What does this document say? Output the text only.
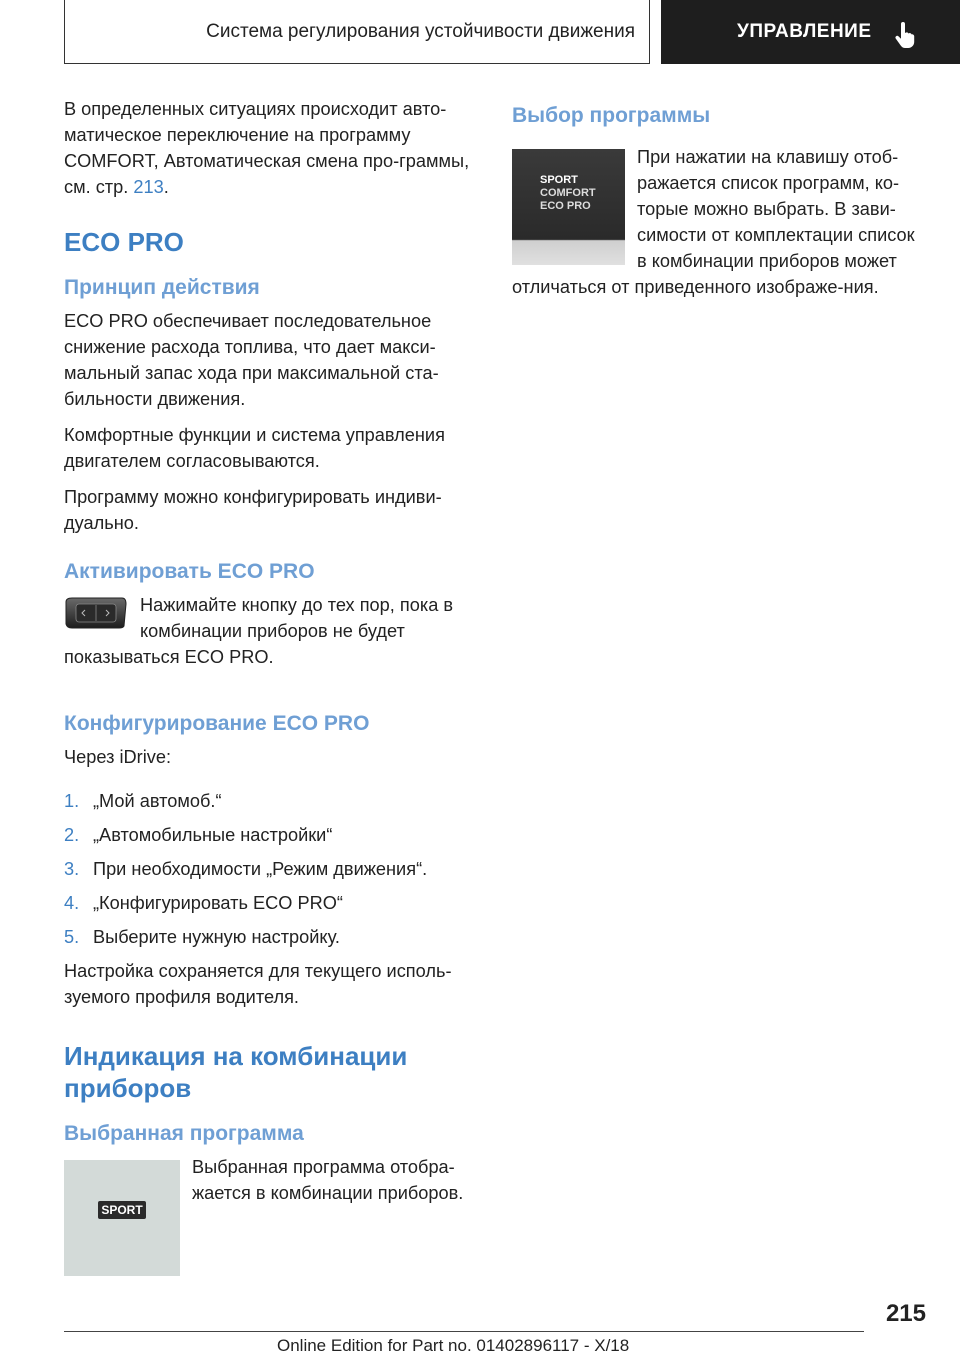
Система регулирования устойчивости движения	УПРАВЛЕНИЕ

В определенных ситуациях происходит авто-матическое переключение на программу COMFORT, Автоматическая смена про-граммы, см. стр. 213.

ECO PRO
Принцип действия

ECO PRO обеспечивает последовательное снижение расхода топлива, что дает макси-мальный запас хода при максимальной ста-бильности движения.

Комфортные функции и система управления двигателем согласовываются.

Программу можно конфигурировать индиви-дуально.

Активировать ECO PRO

Нажимайте кнопку до тех пор, пока в комбинации приборов не будет показываться ECO PRO.

Конфигурирование ECO PRO

Через iDrive:

1. „Мой автомоб.“
2. „Автомобильные настройки“
3. При необходимости „Режим движения“.
4. „Конфигурировать ECO PRO“
5. Выберите нужную настройку.

Настройка сохраняется для текущего исполь-зуемого профиля водителя.

Индикация на комбинации приборов
Выбранная программа
SPORT

Выбранная программа отобра-жается в комбинации приборов.

Выбор программы
SPORT
COMFORT
ECO PRO

При нажатии на клавишу отоб-ражается список программ, ко-торые можно выбрать. В зави-симости от комплектации список в комбинации приборов может отличаться от приведенного изображе-ния.

215
Online Edition for Part no. 01402896117 - X/18
